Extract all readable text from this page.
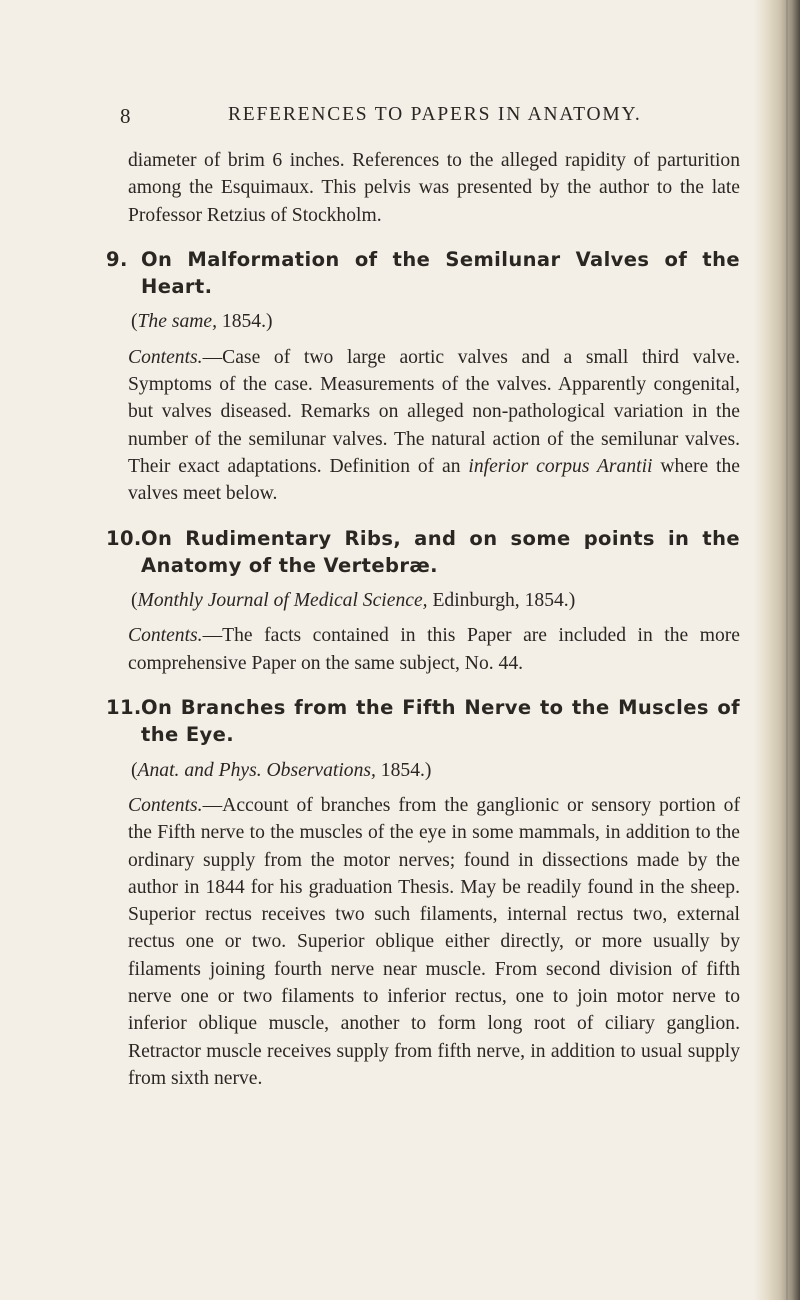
8	REFERENCES TO PAPERS IN ANATOMY.

diameter of brim 6 inches. References to the alleged rapidity of parturition among the Esquimaux. This pelvis was presented by the author to the late Professor Retzius of Stockholm.

9. On Malformation of the Semilunar Valves of the Heart.

(The same, 1854.)

Contents.—Case of two large aortic valves and a small third valve. Symptoms of the case. Measurements of the valves. Apparently congenital, but valves diseased. Remarks on alleged non-pathological variation in the number of the semilunar valves. The natural action of the semilunar valves. Their exact adaptations. Definition of an inferior corpus Arantii where the valves meet below.

10. On Rudimentary Ribs, and on some points in the Anatomy of the Vertebræ.

(Monthly Journal of Medical Science, Edinburgh, 1854.)

Contents.—The facts contained in this Paper are included in the more comprehensive Paper on the same subject, No. 44.

11. On Branches from the Fifth Nerve to the Muscles of the Eye.

(Anat. and Phys. Observations, 1854.)

Contents.—Account of branches from the ganglionic or sensory portion of the Fifth nerve to the muscles of the eye in some mammals, in addition to the ordinary supply from the motor nerves; found in dissections made by the author in 1844 for his graduation Thesis. May be readily found in the sheep. Superior rectus receives two such filaments, internal rectus two, external rectus one or two. Superior oblique either directly, or more usually by filaments joining fourth nerve near muscle. From second division of fifth nerve one or two filaments to inferior rectus, one to join motor nerve to inferior oblique muscle, another to form long root of ciliary ganglion. Retractor muscle receives supply from fifth nerve, in addition to usual supply from sixth nerve.
